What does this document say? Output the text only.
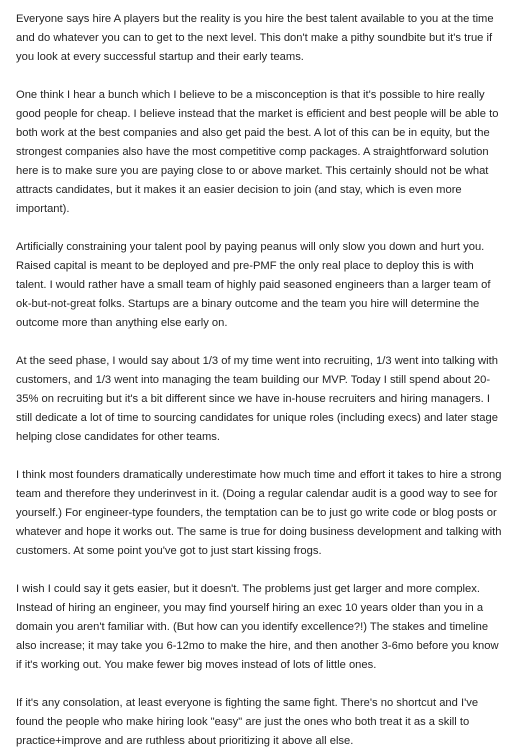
Everyone says hire A players but the reality is you hire the best talent available to you at the time and do whatever you can to get to the next level. This don't make a pithy soundbite but it's true if you look at every successful startup and their early teams.

One think I hear a bunch which I believe to be a misconception is that it's possible to hire really good people for cheap. I believe instead that the market is efficient and best people will be able to both work at the best companies and also get paid the best. A lot of this can be in equity, but the strongest companies also have the most competitive comp packages. A straightforward solution here is to make sure you are paying close to or above market. This certainly should not be what attracts candidates, but it makes it an easier decision to join (and stay, which is even more important).

Artificially constraining your talent pool by paying peanus will only slow you down and hurt you. Raised capital is meant to be deployed and pre-PMF the only real place to deploy this is with talent. I would rather have a small team of highly paid seasoned engineers than a larger team of ok-but-not-great folks. Startups are a binary outcome and the team you hire will determine the outcome more than anything else early on.

At the seed phase, I would say about 1/3 of my time went into recruiting, 1/3 went into talking with customers, and 1/3 went into managing the team building our MVP. Today I still spend about 20-35% on recruiting but it's a bit different since we have in-house recruiters and hiring managers. I still dedicate a lot of time to sourcing candidates for unique roles (including execs) and later stage helping close candidates for other teams.

I think most founders dramatically underestimate how much time and effort it takes to hire a strong team and therefore they underinvest in it. (Doing a regular calendar audit is a good way to see for yourself.) For engineer-type founders, the temptation can be to just go write code or blog posts or whatever and hope it works out. The same is true for doing business development and talking with customers. At some point you've got to just start kissing frogs.

I wish I could say it gets easier, but it doesn't. The problems just get larger and more complex. Instead of hiring an engineer, you may find yourself hiring an exec 10 years older than you in a domain you aren't familiar with. (But how can you identify excellence?!) The stakes and timeline also increase; it may take you 6-12mo to make the hire, and then another 3-6mo before you know if it's working out. You make fewer big moves instead of lots of little ones.

If it's any consolation, at least everyone is fighting the same fight. There's no shortcut and I've found the people who make hiring look "easy" are just the ones who both treat it as a skill to practice+improve and are ruthless about prioritizing it above all else.
